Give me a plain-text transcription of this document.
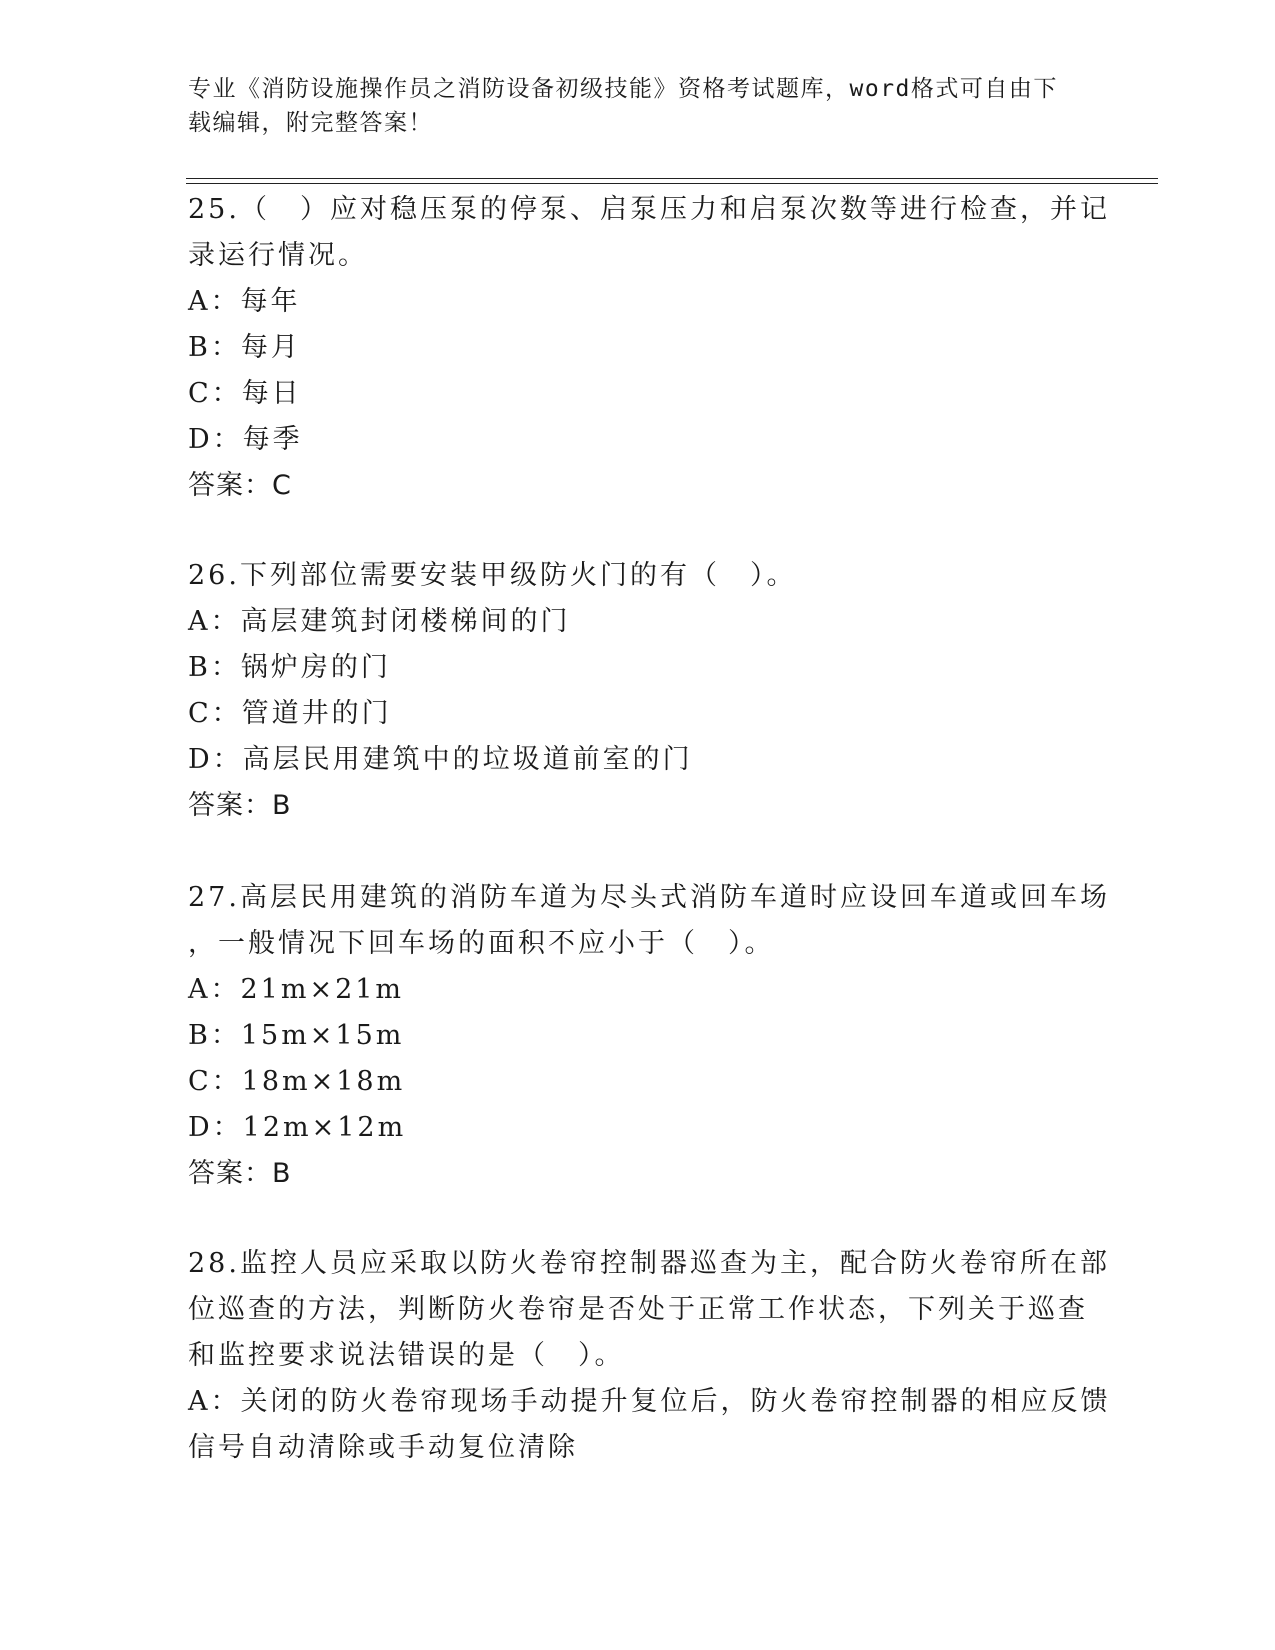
专业《消防设施操作员之消防设备初级技能》资格考试题库，word格式可自由下
载编辑，附完整答案！
25.（　）应对稳压泵的停泵、启泵压力和启泵次数等进行检查，并记
录运行情况。
A：每年
B：每月
C：每日
D：每季
答案：C
26.下列部位需要安装甲级防火门的有（　）。
A：高层建筑封闭楼梯间的门
B：锅炉房的门
C：管道井的门
D：高层民用建筑中的垃圾道前室的门
答案：B
27.高层民用建筑的消防车道为尽头式消防车道时应设回车道或回车场
，一般情况下回车场的面积不应小于（　）。
A：21m×21m
B：15m×15m
C：18m×18m
D：12m×12m
答案：B
28.监控人员应采取以防火卷帘控制器巡查为主，配合防火卷帘所在部
位巡查的方法，判断防火卷帘是否处于正常工作状态，下列关于巡查
和监控要求说法错误的是（　）。
A：关闭的防火卷帘现场手动提升复位后，防火卷帘控制器的相应反馈
信号自动清除或手动复位清除
